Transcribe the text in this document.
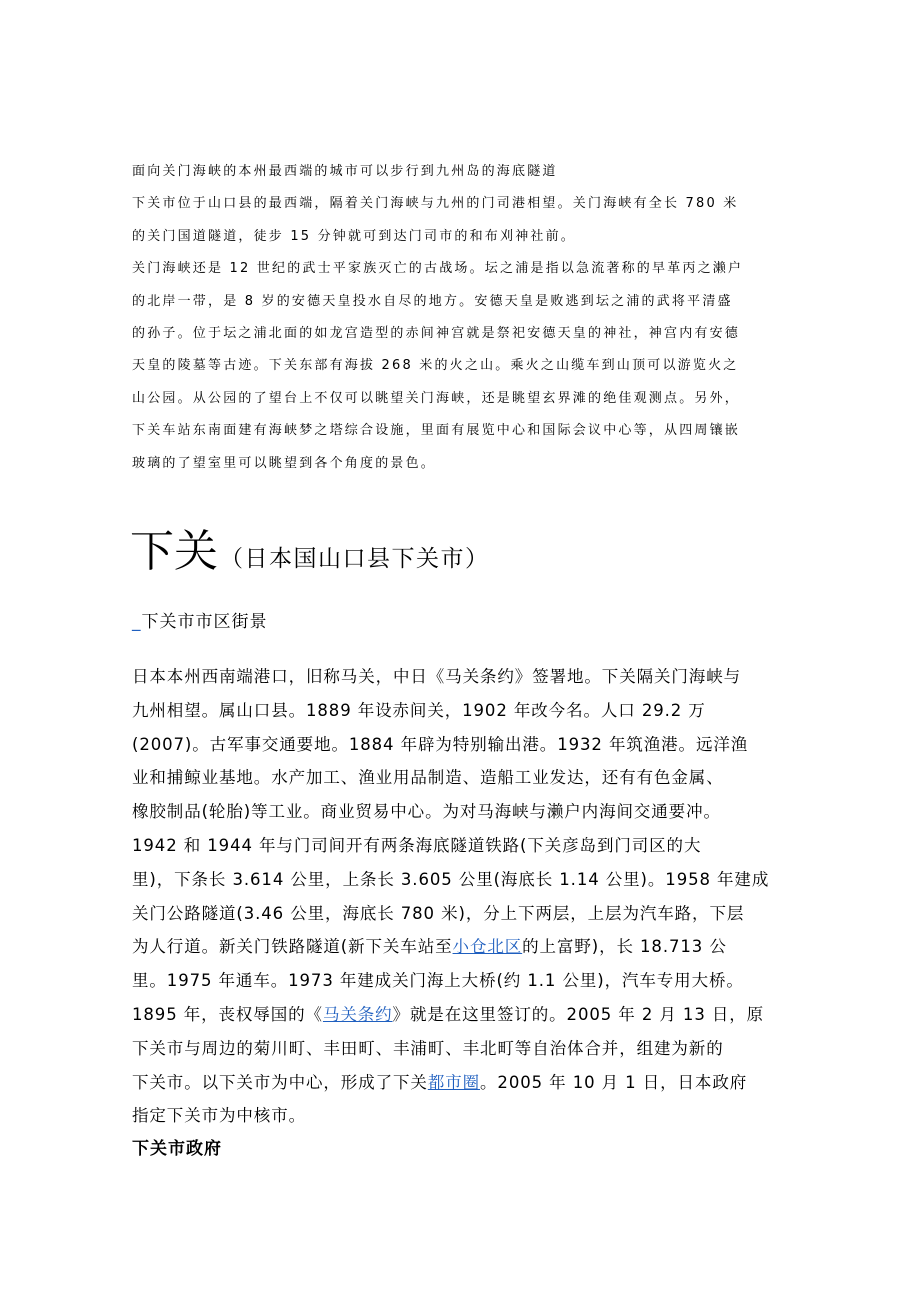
面向关门海峡的本州最西端的城市可以步行到九州岛的海底隧道

下关市位于山口县的最西端，隔着关门海峡与九州的门司港相望。关门海峡有全长 780 米

的关门国道隧道，徒步 15 分钟就可到达门司市的和布刈神社前。

关门海峡还是 12 世纪的武士平家族灭亡的古战场。坛之浦是指以急流著称的早革丙之濑户

的北岸一带，是 8 岁的安德天皇投水自尽的地方。安德天皇是败逃到坛之浦的武将平清盛

的孙子。位于坛之浦北面的如龙宫造型的赤间神宫就是祭祀安德天皇的神社，神宫内有安德

天皇的陵墓等古迹。下关东部有海拔 268 米的火之山。乘火之山缆车到山顶可以游览火之

山公园。从公园的了望台上不仅可以眺望关门海峡，还是眺望玄界滩的绝佳观测点。另外，

下关车站东南面建有海峡梦之塔综合设施，里面有展览中心和国际会议中心等，从四周镶嵌

玻璃的了望室里可以眺望到各个角度的景色。

下关（日本国山口县下关市）
_下关市市区街景

日本本州西南端港口，旧称马关，中日《马关条约》签署地。下关隔关门海峡与

九州相望。属山口县。1889 年设赤间关，1902 年改今名。人口 29.2 万

(2007)。古军事交通要地。1884 年辟为特别输出港。1932 年筑渔港。远洋渔

业和捕鲸业基地。水产加工、渔业用品制造、造船工业发达，还有有色金属、

橡胶制品(轮胎)等工业。商业贸易中心。为对马海峡与濑户内海间交通要冲。

1942 和 1944 年与门司间开有两条海底隧道铁路(下关彦岛到门司区的大

里)，下条长 3.614 公里，上条长 3.605 公里(海底长 1.14 公里)。1958 年建成

关门公路隧道(3.46 公里，海底长 780 米)，分上下两层，上层为汽车路，下层

为人行道。新关门铁路隧道(新下关车站至小仓北区的上富野)，长 18.713 公

里。1975 年通车。1973 年建成关门海上大桥(约 1.1 公里)，汽车专用大桥。

1895 年，丧权辱国的《马关条约》就是在这里签订的。2005 年 2 月 13 日，原

下关市与周边的菊川町、丰田町、丰浦町、丰北町等自治体合并，组建为新的

下关市。以下关市为中心，形成了下关都市圈。2005 年 10 月 1 日，日本政府

指定下关市为中核市。

下关市政府
